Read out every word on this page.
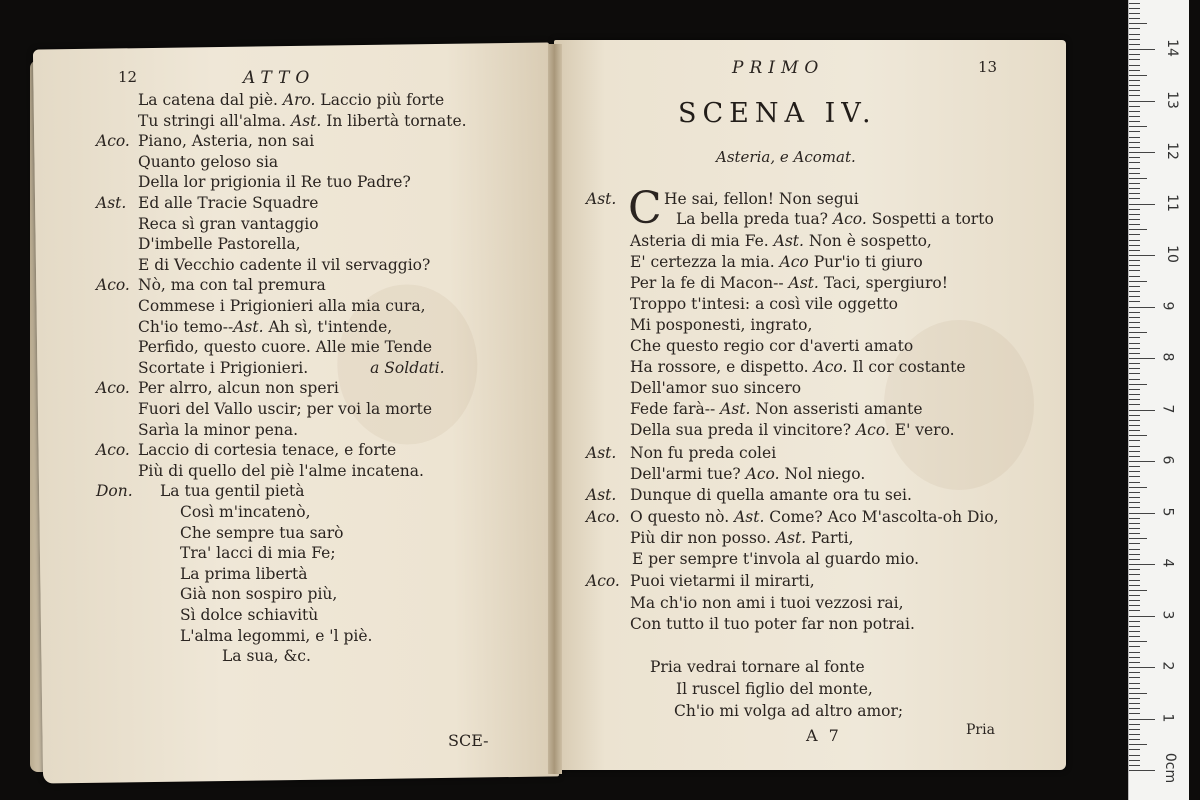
12	ATTO
La catena dal piè. Aro. Laccio più forte
Tu stringi all'alma. Ast. In libertà tornate.
Aco. Piano, Asteria, non sai
Quanto geloso sia
Della lor prigionia il Re tuo Padre?
Ast. Ed alle Tracie Squadre
Reca sì gran vantaggio
D'imbelle Pastorella,
E di Vecchio cadente il vil servaggio?
Aco. Nò, ma con tal premura
Commese i Prigionieri alla mia cura,
Ch'io temo--Ast. Ah sì, t'intende,
Perfido, questo cuore. Alle mie Tende
Scortate i Prigionieri.	a Soldati.
Aco. Per alrro, alcun non speri
Fuori del Vallo uscir; per voi la morte
Sarìa la minor pena.
Aco. Laccio di cortesia tenace, e forte
Più di quello del piè l'alme incatena.
Don. La tua gentil pietà
Così m'incatenò,
Che sempre tua sarò
Tra' lacci di mia Fe;
La prima libertà
Già non sospiro più,
Sì dolce schiavitù
L'alma legommi, e 'l piè.
La sua, &c.
SCE-
PRIMO	13
SCENA IV.
Asteria, e Acomat.
C
Ast.	He sai, fellon! Non segui
La bella preda tua? Aco. Sospetti a torto
Asteria di mia Fe. Ast. Non è sospetto,
E' certezza la mia. Aco Pur'io ti giuro
Per la fe di Macon-- Ast. Taci, spergiuro!
Troppo t'intesi: a così vile oggetto
Mi posponesti, ingrato,
Che questo regio cor d'averti amato
Ha rossore, e dispetto. Aco. Il cor costante
Dell'amor suo sincero
Fede farà-- Ast. Non asseristi amante
Della sua preda il vincitore? Aco. E' vero.
Ast. Non fu preda colei
Dell'armi tue? Aco. Nol niego.
Ast. Dunque di quella amante ora tu sei.
Aco. O questo nò. Ast. Come? Aco M'ascolta-oh Dio,
Più dir non posso. Ast. Parti,
E per sempre t'invola al guardo mio.
Aco. Puoi vietarmi il mirarti,
Ma ch'io non ami i tuoi vezzosi rai,
Con tutto il tuo poter far non potrai.
Pria vedrai tornare al fonte
Il ruscel figlio del monte,
Ch'io mi volga ad altro amor;
A 7	Pria
1
2
3
4
5
6
7
8
9
10
11
12
13
14
0cm
